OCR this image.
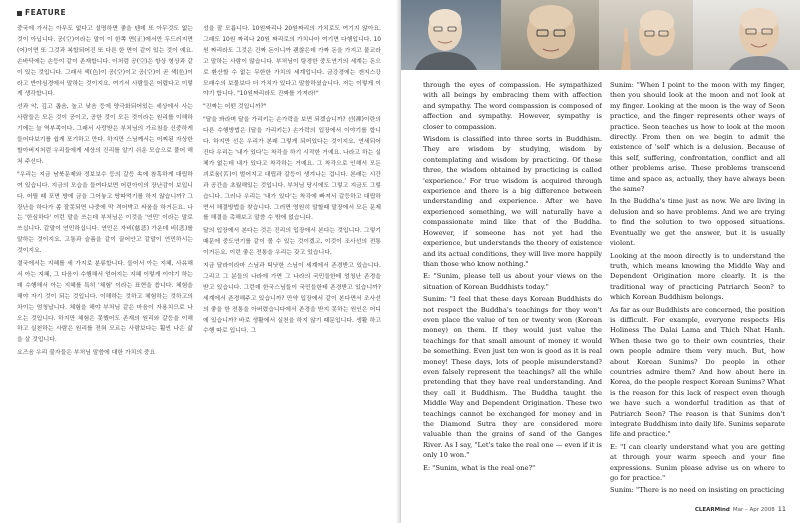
FEATURE

중국에 가서는 아무도 없다고 설명하면 좋을 텐데 또 아무것도 없는 것이 아닙니다. 공(空)이라는 말이 이 한쪽 면(正)에서만 두드러지면(어)이면 또 그것과 복합되어진 또 다른 한 면이 같이 있는 것이 예요. 손바닥에는 손등이 같이 존재합니다. 이처럼 공(空)은 항상 형상과 같이 있는 것입니다. 그래서 색(色)이 공(空)이고 공(空)이 곧 색(色)이라고 반야심경에서 말하는 것이지요. 여기서 사람들은 어렵다고 이렇게 생각합니다.

선과 악, 깊고 좁음, 높고 낮음 등에 양극화되어있는 세상에서 사는 사람들은 모든 것이 공이고, 공한 것이 모든 것이라는 원리를 이해하기에는 늘 역부족이다. 그래서 사랑받은 부처님의 가르침을 신중하게 들어다보기를 쉽게 포기하고 만다. 하지만 스님께서는 어찌된 자상한 할아버지처럼 우리들에게 세상의 진리를 알기 쉬운 모습으로 풀어 해쳐 주신다.

"우리는 지금 남북문제와 정보보수 등의 갈등 속에 참혹하게 대립하여 있습니다. 지금의 모습을 들여다보면 어린아이의 장난감이 보입니다. 어릴 때 포면 방에 금을 그어놓고 땅따먹기를 하지 않습니까? 그 장난을 하다가 좀 잘못되면 나중에 막 격어박고 싸움을 하거든요. 나는 '한심하다' 이런 말을 쓰는데 부처님은 이것을 '연민' 이라는 말로 쓰십니다. 같말이 연민하십니다. 연민은 자비(慈悲) 가운데 비(悲)를 말하는 것이지요. 고통과 슬픔을 같이 끌어안고 같말이 연민하시는 것이지요.

결국에서는 지혜를 세 가지로 분류합니다. 들어서 아는 지혜, 사유해서 아는 지혜, 그 다음이 수행해서 얻어지는 지혜 이렇게 이야기 하는데 수행해서 아는 지혜를 특히 '체험' 이라는 표현을 씁니다. 체험을 해야 자기 것이 되는 것입니다. 이해하는 것하고 체험하는 것하고의 차이는 엄청납니다. 체험을 해야 부처님 같은 마음이 자용치므로 나오는 것입니다. 하지만 체험은 못했어도 존재의 원리와 갈등을 이해하고 실천하는 사람은 원리를 전혀 모르는 사람보다는 훨씬 나은 삶을 살 것입니다.

요즈음 우리 불자들은 부처님 말씀에 대한 가치의 중요

성을 잘 모릅니다. 10원짜리나 20원짜리의 가치로도 여기지 않아요. 그래도 10원 짜리나 20원 짜리로의 가치나마 여기면 다행입니다. 10원 짜리라도 그것은 진짜 돈이니까 괜찮은데 가짜 돈을 가지고 물교라고 말하는 사람이 많습니다. 부처님이 탕경한 중도연기의 세계는 돈으로 환산할 수 없는 무한한 가치의 세계입니다. 금강경에는 갠지스강 모래수의 보물보다 더 가치가 있다고 말씀하셨습니다. 저는 이렇게 이야기 합니다. "10원짜리라도 진짜를 가져라!"

"진짜는 어떤 것입니까?"

"달을 봐라며 달을 가리키는 손가락을 보면 되겠습니까? 선(禪)이란의 다른 수행방법은 (달을 가리키는) 손가락의 입장에서 이야기를 합니다. 하지만 선은 우리가 본래 그렇게 되어있다는 것이지요. 연세되어진다 우리는 '내가 있다'는 착각을 하기 시작한 거예요. 나라고 하는 실체가 없는데 내가 있다고 착각하는 거예요. 그 착각으로 인해서 모든 괴로움(苦)이 벌어지고 대립과 갈등이 생겨나는 겁니다. 본래는 시간과 공간을 초월해있는 것입니다. 부처님 당시에도 그렇고 지금도 그렇습니다. 그러나 우리는 '내가 있다'는 착각에 빠져서 갈등하고 대립하면서 해결방법을 찾습니다. 그러면 영원히 말할때 말장에서 모든 문제를 해결을 촉해보고 말씀 수 밖에 없습니다.

달의 입장에서 본다는 것은 진리의 입장에서 본다는 것입니다. 그렇기 때문에 중도연기를 같이 볼 수 있는 것이겠고, 이것이 조사선의 전통이거든요. 이런 좋은 전통을 우리는 갖고 있습니다.

지금 달라이라마 스님과 틱낫한 스님이 세계에서 존경받고 있습니다. 그리고 그 분들의 나라에 가면 그 나라의 국민들한테 엄청난 존경을 받고 있습니다. 그런데 한국스님들이 국민들한테 존경받고 있습니까? 세계에서 존경해주고 있습니까? 만약 입장에서 같이 본다면서 조사선의 좋을 한 전통을 아버렸습니다에서 존경을 받지 못하는 원인은 어디에 있습니까? 바로 생활에서 실천을 하지 않기 때문입니다. 생활 하고 수행 따로 입니다. 그

through the eyes of compassion. He sympathized with all beings by embracing them with affection and sympathy. The word compassion is composed of affection and sympathy. However, sympathy is closer to compassion.

Wisdom is classified into three sorts in Buddhism. They are wisdom by studying, wisdom by contemplating and wisdom by practicing. Of these three, the wisdom obtained by practicing is called 'experience.' For true wisdom is acquired through experience and there is a big difference between understanding and experience. After we have experienced something, we will naturally have a compassionate mind like that of the Buddha. However, if someone has not yet had the experience, but understands the theory of existence and its actual conditions, they will live more happily than those who know nothing."

E: "Sunim, please tell us about your views on the situation of Korean Buddhists today."

Sunim: "I feel that these days Korean Buddhists do not respect the Buddha's teachings for they won't even place the value of ten or twenty won (Korean money) on them. If they would just value the teachings for that small amount of money it would be something. Even just ten won is good as it is real money! These days, lots of people misunderstand? even falsely represent the teachings? all the while pretending that they have real understanding. And they call it Buddhism. The Buddha taught the Middle Way and Dependent Origination. These two teachings cannot be exchanged for money and in the Diamond Sutra they are considered more valuable than the grains of sand of the Ganges River. As I say, "Let's take the real one — even if it is only 10 won."

E: "Sunim, what is the real one?"

Sunim: "When I point to the moon with my finger, then you should look at the moon and not look at my finger. Looking at the moon is the way of Seon practice, and the finger represents other ways of practice. Seon teaches us how to look at the moon directly. From then on we begin to admit the existence of 'self' which is a delusion. Because of this self, suffering, confrontation, conflict and all other problems arise. These problems transcend time and space as, actually, they have always been the same?

In the Buddha's time just as now. We are living in delusion and so have problems. And we are trying to find the solution to two opposed situations. Eventually we get the answer, but it is usually violent.

Looking at the moon directly is to understand the truth, which means knowing the Middle Way and Dependent Origination more clearly. It is the traditional way of practicing Patriarch Seon? to which Korean Buddhism belongs.

As far as our Buddhists are concerned, the position is difficult. For example, everyone respects His Holiness The Dalai Lama and Thich Nhat Hanh. When these two go to their own countries, their own people admire them very much. But, how about Korean Sunims? Do people in other countries admire them? And how about here in Korea, do the people respect Korean Sunims? What is the reason for this lack of respect even though we have such a wonderful tradition as that of Patriarch Seon? The reason is that Sunims don't integrate Buddhism into daily life. Sunims separate life and practice."

E: "I can clearly understand what you are getting at through your warm speech and your fine expressions. Sunim please advise us on where to go for practice."

Sunim: "There is no need on insisting on practicing

CLEARMind Mar – Apr 2008 11
